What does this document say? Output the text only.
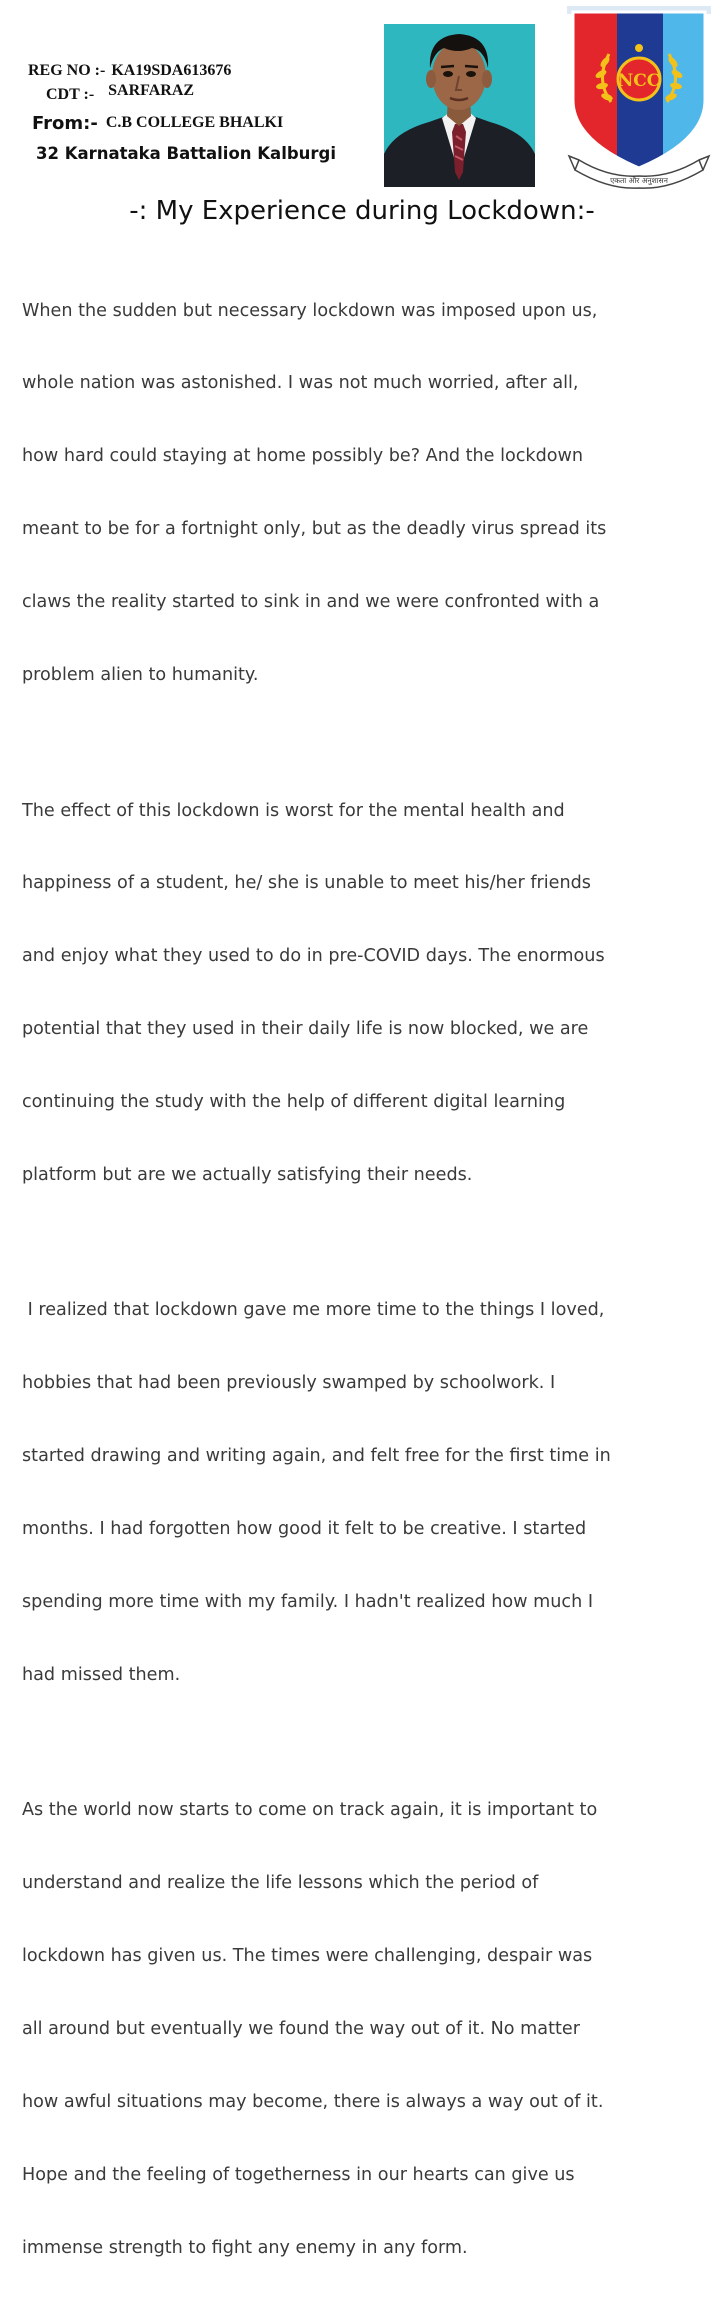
REG NO :- KA19SDA613676
CDT :- SARFARAZ
From:- C.B COLLEGE BHALKI
32 Karnataka Battalion Kalburgi
NCC
एकता और अनुशासन
-: My Experience during Lockdown:-

When the sudden but necessary lockdown was imposed upon us,

whole nation was astonished. I was not much worried, after all,

how hard could staying at home possibly be? And the lockdown

meant to be for a fortnight only, but as the deadly virus spread its

claws the reality started to sink in and we were confronted with a

problem alien to humanity.

The effect of this lockdown is worst for the mental health and

happiness of a student, he/ she is unable to meet his/her friends

and enjoy what they used to do in pre-COVID days. The enormous

potential that they used in their daily life is now blocked, we are

continuing the study with the help of different digital learning

platform but are we actually satisfying their needs.

I realized that lockdown gave me more time to the things I loved,

hobbies that had been previously swamped by schoolwork. I

started drawing and writing again, and felt free for the first time in

months. I had forgotten how good it felt to be creative. I started

spending more time with my family. I hadn't realized how much I

had missed them.

As the world now starts to come on track again, it is important to

understand and realize the life lessons which the period of

lockdown has given us. The times were challenging, despair was

all around but eventually we found the way out of it. No matter

how awful situations may become, there is always a way out of it.

Hope and the feeling of togetherness in our hearts can give us

immense strength to fight any enemy in any form.
